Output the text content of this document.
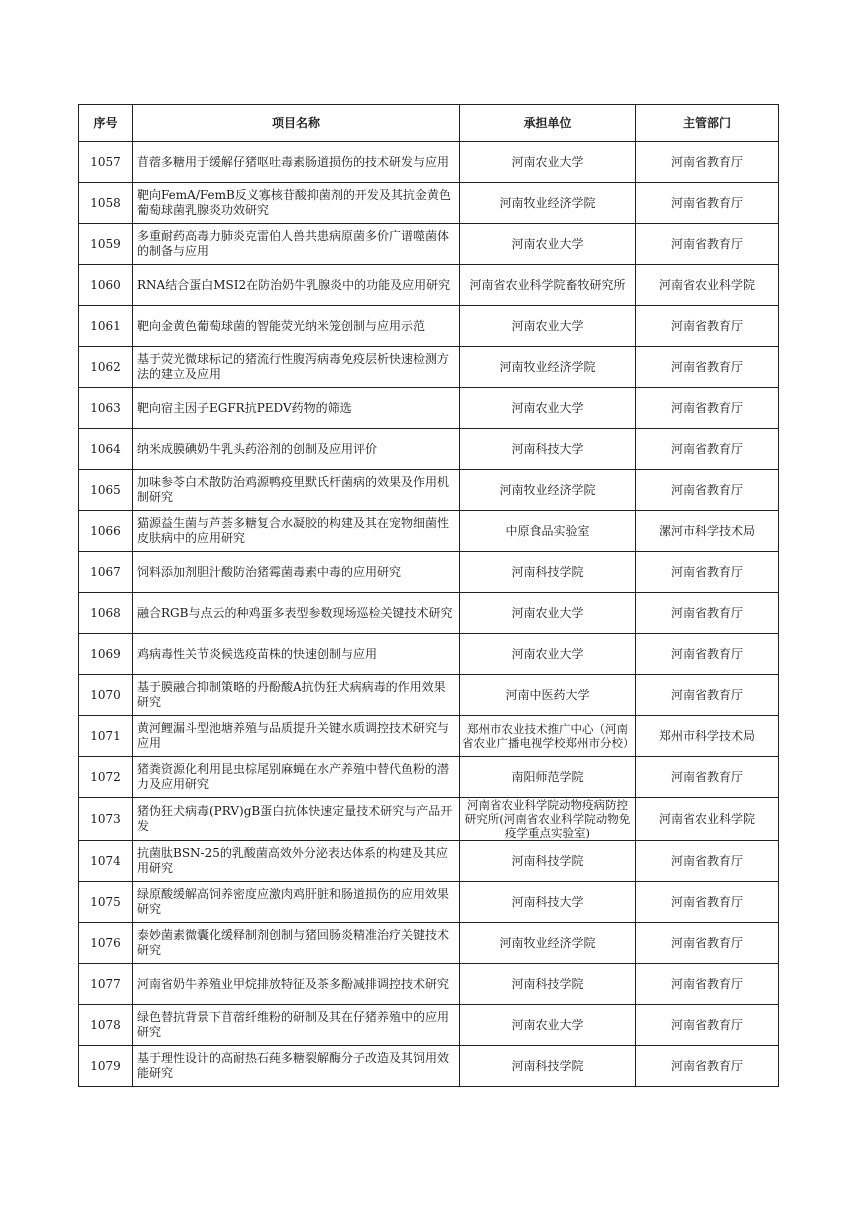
序号	项目名称	承担单位	主管部门
1057	苜蓿多糖用于缓解仔猪呕吐毒素肠道损伤的技术研发与应用	河南农业大学	河南省教育厅
1058	靶向FemA/FemB反义寡核苷酸抑菌剂的开发及其抗金黄色葡萄球菌乳腺炎功效研究	河南牧业经济学院	河南省教育厅
1059	多重耐药高毒力肺炎克雷伯人兽共患病原菌多价广谱噬菌体的制备与应用	河南农业大学	河南省教育厅
1060	RNA结合蛋白MSI2在防治奶牛乳腺炎中的功能及应用研究	河南省农业科学院畜牧研究所	河南省农业科学院
1061	靶向金黄色葡萄球菌的智能荧光纳米笼创制与应用示范	河南农业大学	河南省教育厅
1062	基于荧光微球标记的猪流行性腹泻病毒免疫层析快速检测方法的建立及应用	河南牧业经济学院	河南省教育厅
1063	靶向宿主因子EGFR抗PEDV药物的筛选	河南农业大学	河南省教育厅
1064	纳米成膜碘奶牛乳头药浴剂的创制及应用评价	河南科技大学	河南省教育厅
1065	加味参苓白术散防治鸡源鸭疫里默氏杆菌病的效果及作用机制研究	河南牧业经济学院	河南省教育厅
1066	猫源益生菌与芦荟多糖复合水凝胶的构建及其在宠物细菌性皮肤病中的应用研究	中原食品实验室	漯河市科学技术局
1067	饲料添加剂胆汁酸防治猪霉菌毒素中毒的应用研究	河南科技学院	河南省教育厅
1068	融合RGB与点云的种鸡蛋多表型参数现场巡检关键技术研究	河南农业大学	河南省教育厅
1069	鸡病毒性关节炎候选疫苗株的快速创制与应用	河南农业大学	河南省教育厅
1070	基于膜融合抑制策略的丹酚酸A抗伪狂犬病病毒的作用效果研究	河南中医药大学	河南省教育厅
1071	黄河鲤漏斗型池塘养殖与品质提升关键水质调控技术研究与应用	郑州市农业技术推广中心（河南省农业广播电视学校郑州市分校）	郑州市科学技术局
1072	猪粪资源化利用昆虫棕尾别麻蝇在水产养殖中替代鱼粉的潜力及应用研究	南阳师范学院	河南省教育厅
1073	猪伪狂犬病毒(PRV)gB蛋白抗体快速定量技术研究与产品开发	河南省农业科学院动物疫病防控研究所(河南省农业科学院动物免疫学重点实验室)	河南省农业科学院
1074	抗菌肽BSN-25的乳酸菌高效外分泌表达体系的构建及其应用研究	河南科技学院	河南省教育厅
1075	绿原酸缓解高饲养密度应激肉鸡肝脏和肠道损伤的应用效果研究	河南科技大学	河南省教育厅
1076	泰妙菌素微囊化缓释制剂创制与猪回肠炎精准治疗关键技术研究	河南牧业经济学院	河南省教育厅
1077	河南省奶牛养殖业甲烷排放特征及茶多酚减排调控技术研究	河南科技学院	河南省教育厅
1078	绿色替抗背景下苜蓿纤维粉的研制及其在仔猪养殖中的应用研究	河南农业大学	河南省教育厅
1079	基于理性设计的高耐热石莼多糖裂解酶分子改造及其饲用效能研究	河南科技学院	河南省教育厅
